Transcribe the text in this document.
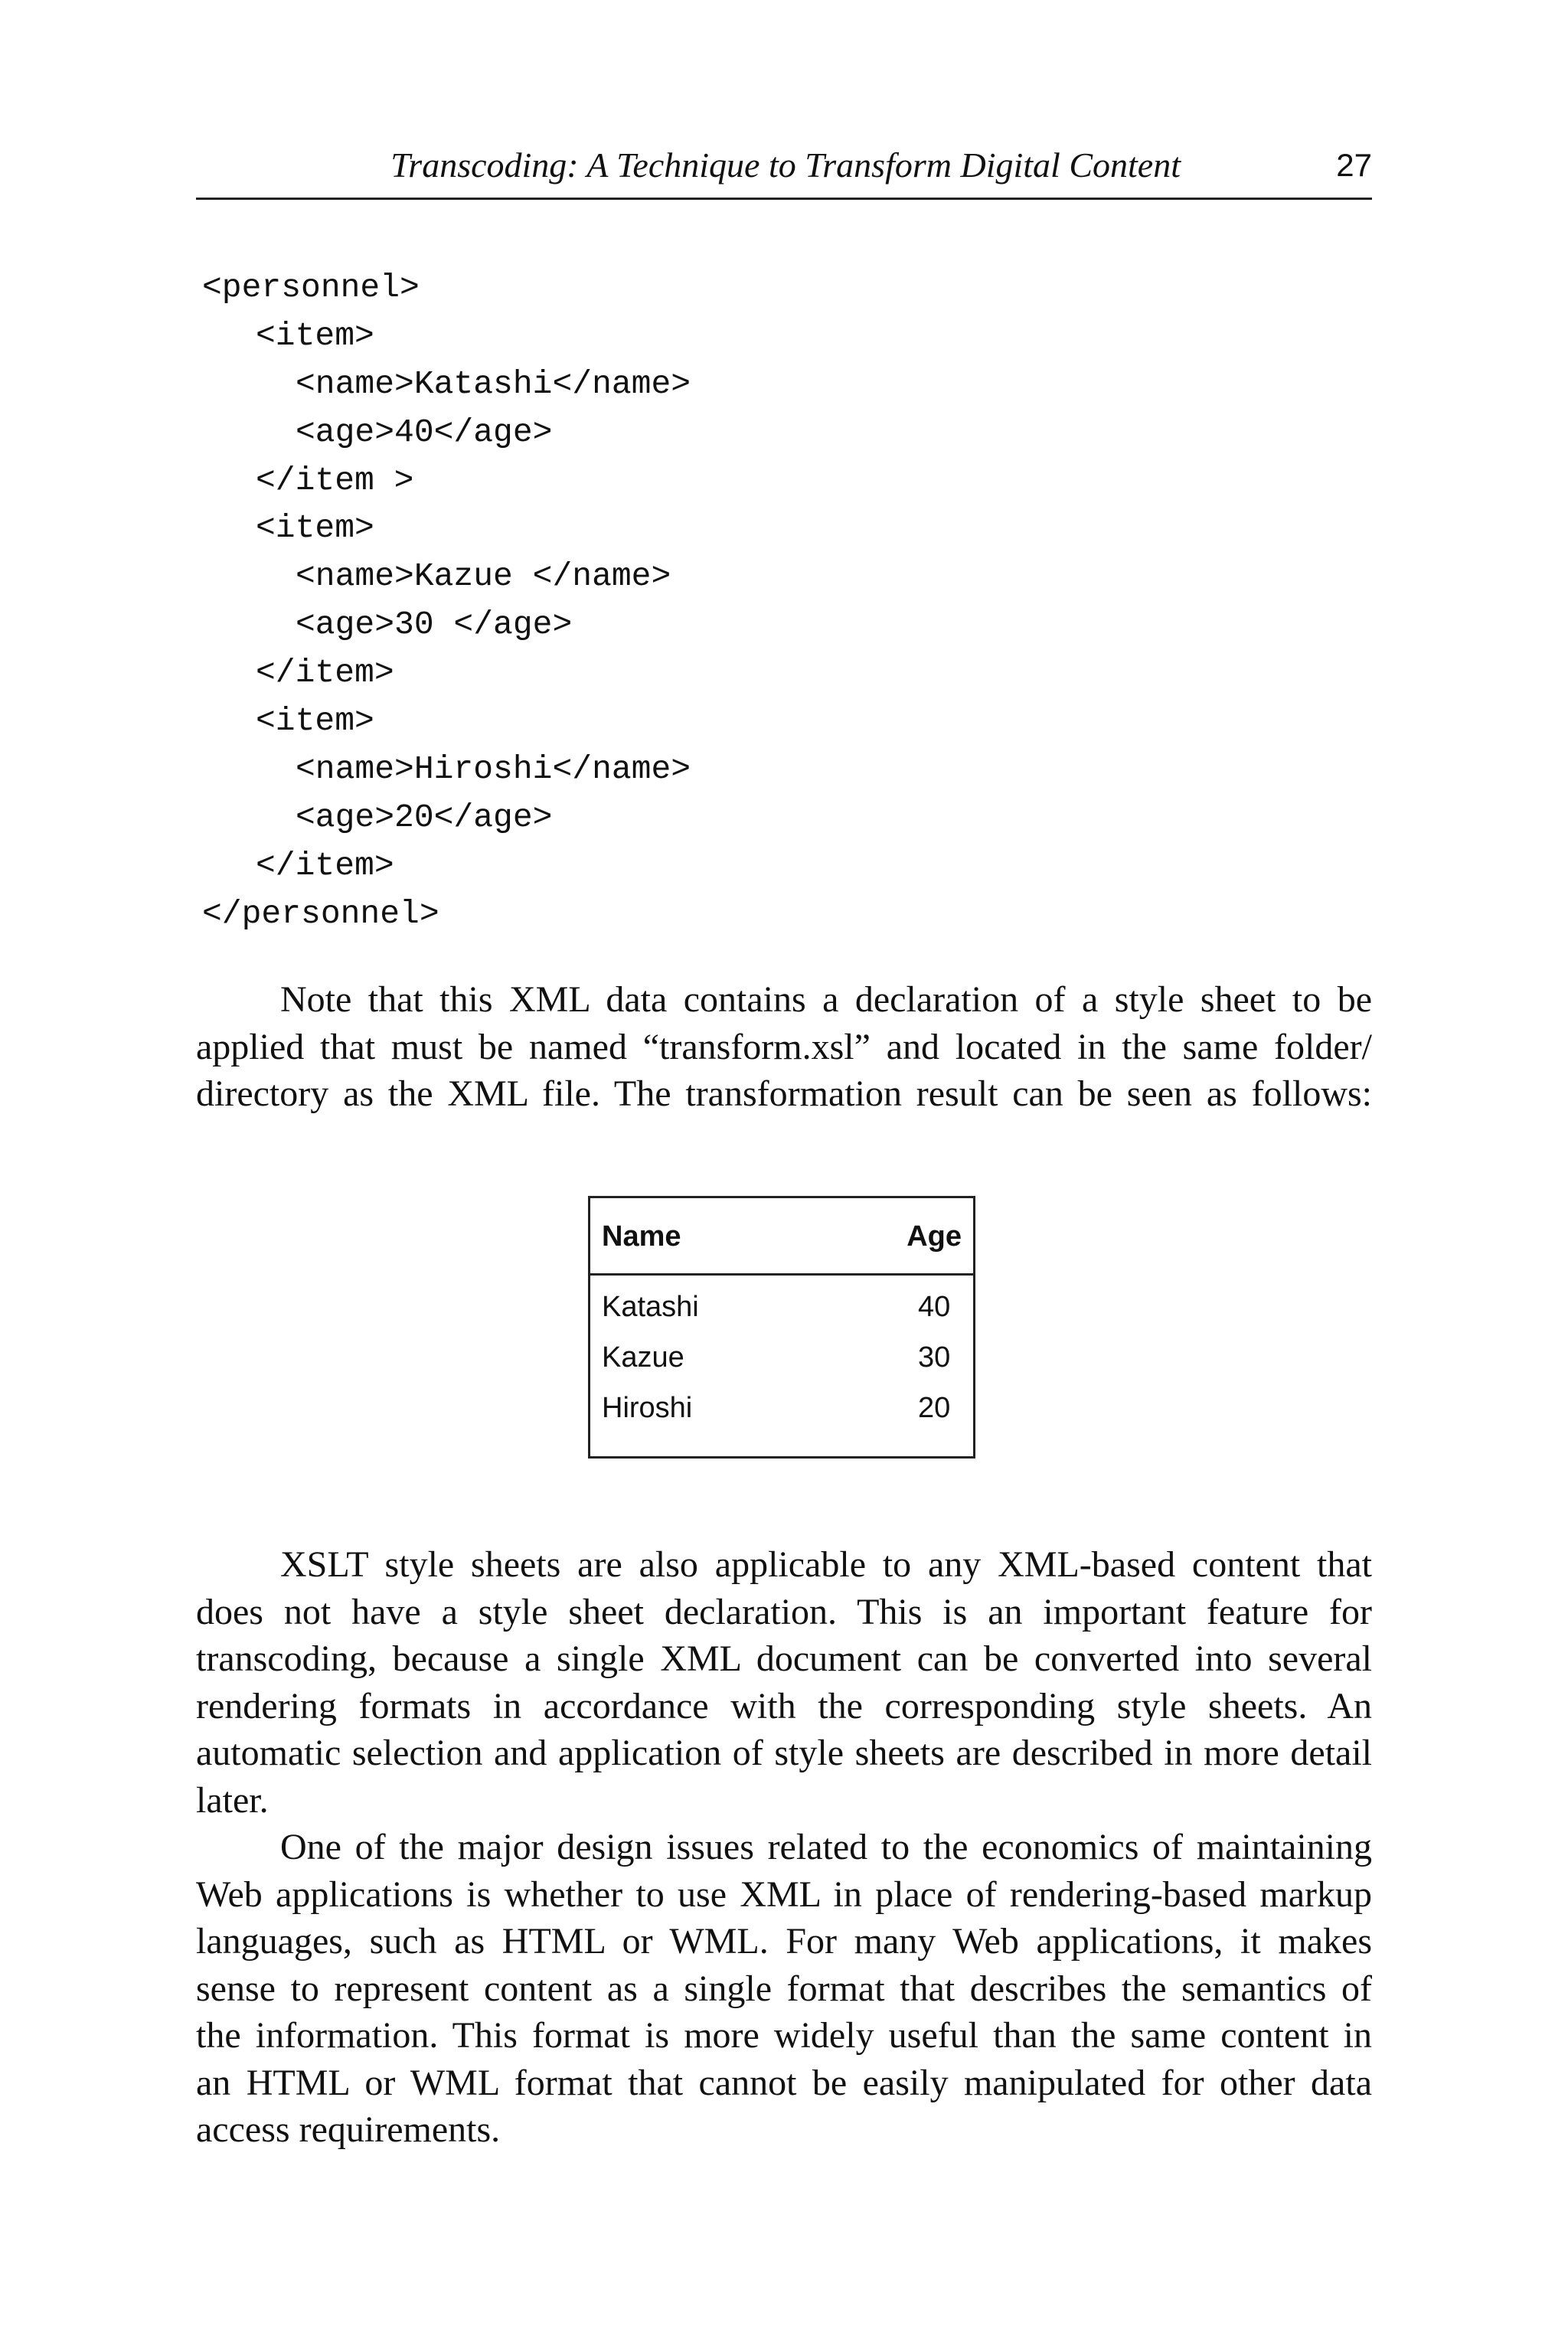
Transcoding: A Technique to Transform Digital Content	27
<personnel>
<item>
<name>Katashi</name>
<age>40</age>
</item >
<item>
<name>Kazue </name>
<age>30 </age>
</item>
<item>
<name>Hiroshi</name>
<age>20</age>
</item>
</personnel>

Note that this XML data contains a declaration of a style sheet to be
applied that must be named “transform.xsl” and located in the same folder/
directory as the XML file. The transformation result can be seen as follows:

Name	Age
Katashi	40
Kazue	30
Hiroshi	20

XSLT style sheets are also applicable to any XML-based content that
does not have a style sheet declaration. This is an important feature for
transcoding, because a single XML document can be converted into several
rendering formats in accordance with the corresponding style sheets. An
automatic selection and application of style sheets are described in more detail
later.

One of the major design issues related to the economics of maintaining
Web applications is whether to use XML in place of rendering-based markup
languages, such as HTML or WML. For many Web applications, it makes
sense to represent content as a single format that describes the semantics of
the information. This format is more widely useful than the same content in
an HTML or WML format that cannot be easily manipulated for other data
access requirements.
